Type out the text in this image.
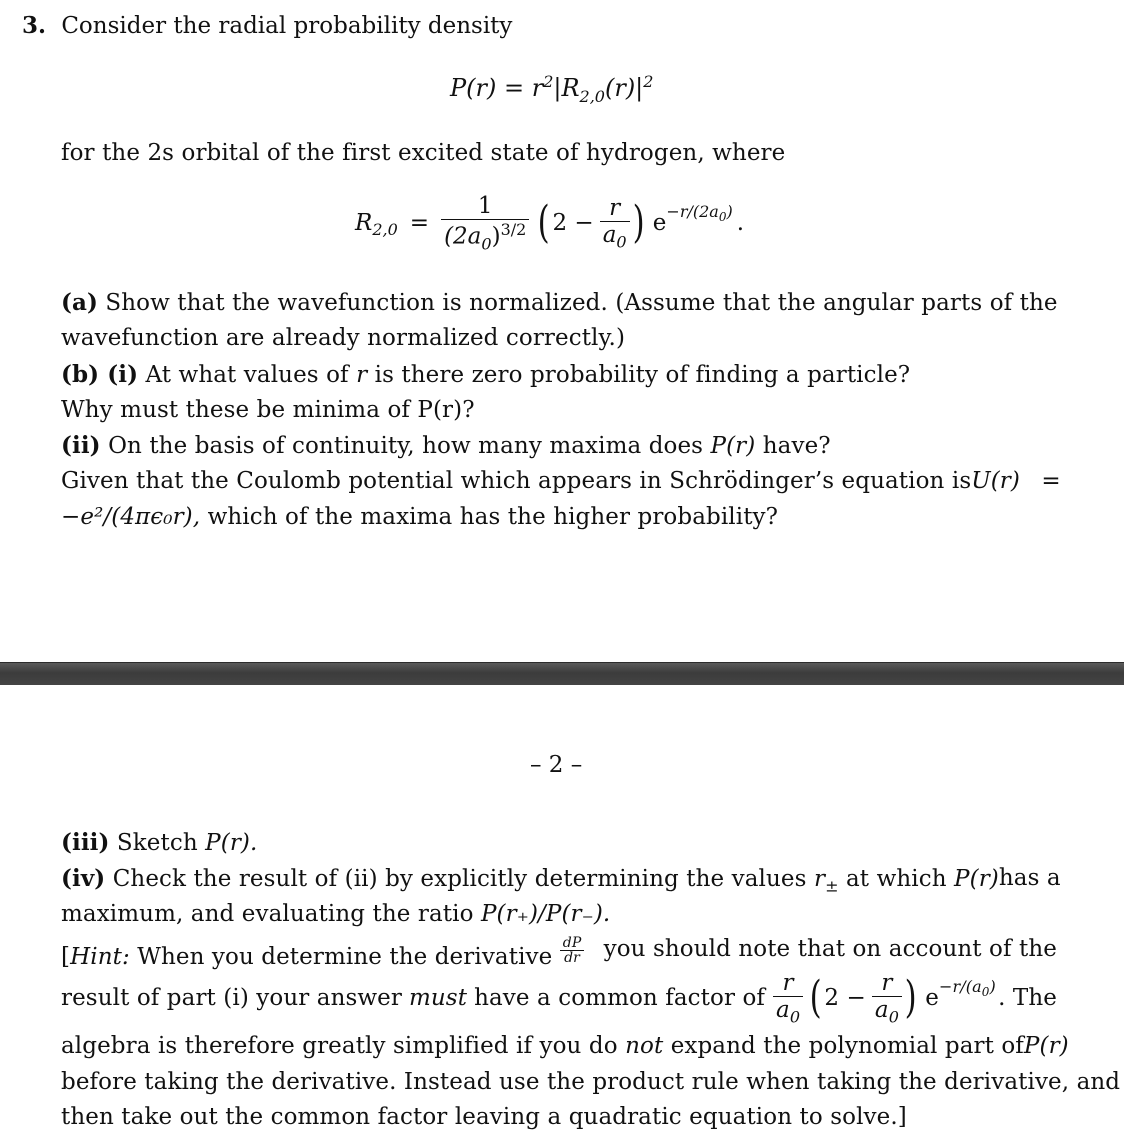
3. Consider the radial probability density
$P(r) = r^2|R_{2,0}(r)|^2$
for the 2s orbital of the first excited state of hydrogen, where
$R_{2,0} = \frac{1}{(2a_0)^{3/2}}$ ( $2 - \frac{r}{a_0}$ ) e $^{-r/(2a_0)}$ .
(a) Show that the wavefunction is normalized. (Assume that the angular parts of the
wavefunction are already normalized correctly.)
(b) (i) At what values of r is there zero probability of finding a particle?
Why must these be minima of P(r)?
(ii) On the basis of continuity, how many maxima does P(r) have?
Given that the Coulomb potential which appears in Schrödinger’s equation is U(r) =
−e²/(4πϵ₀r), which of the maxima has the higher probability?
– 2 –
(iii) Sketch P(r).
(iv) Check the result of (ii) by explicitly determining the values $r_\pm$ at which P(r) has a
maximum, and evaluating the ratio P(r₊)/P(r₋).
[Hint: When you determine the derivative $\frac{dP}{dr}$ you should note that on account of the
result of part (i) your answer must have a common factor of $\frac{r}{a_0}$ ( $2 - \frac{r}{a_0}$ ) e $^{-r/(a_0)}$ . The
algebra is therefore greatly simplified if you do not expand the polynomial part of P(r)
before taking the derivative. Instead use the product rule when taking the derivative, and
then take out the common factor leaving a quadratic equation to solve.]
